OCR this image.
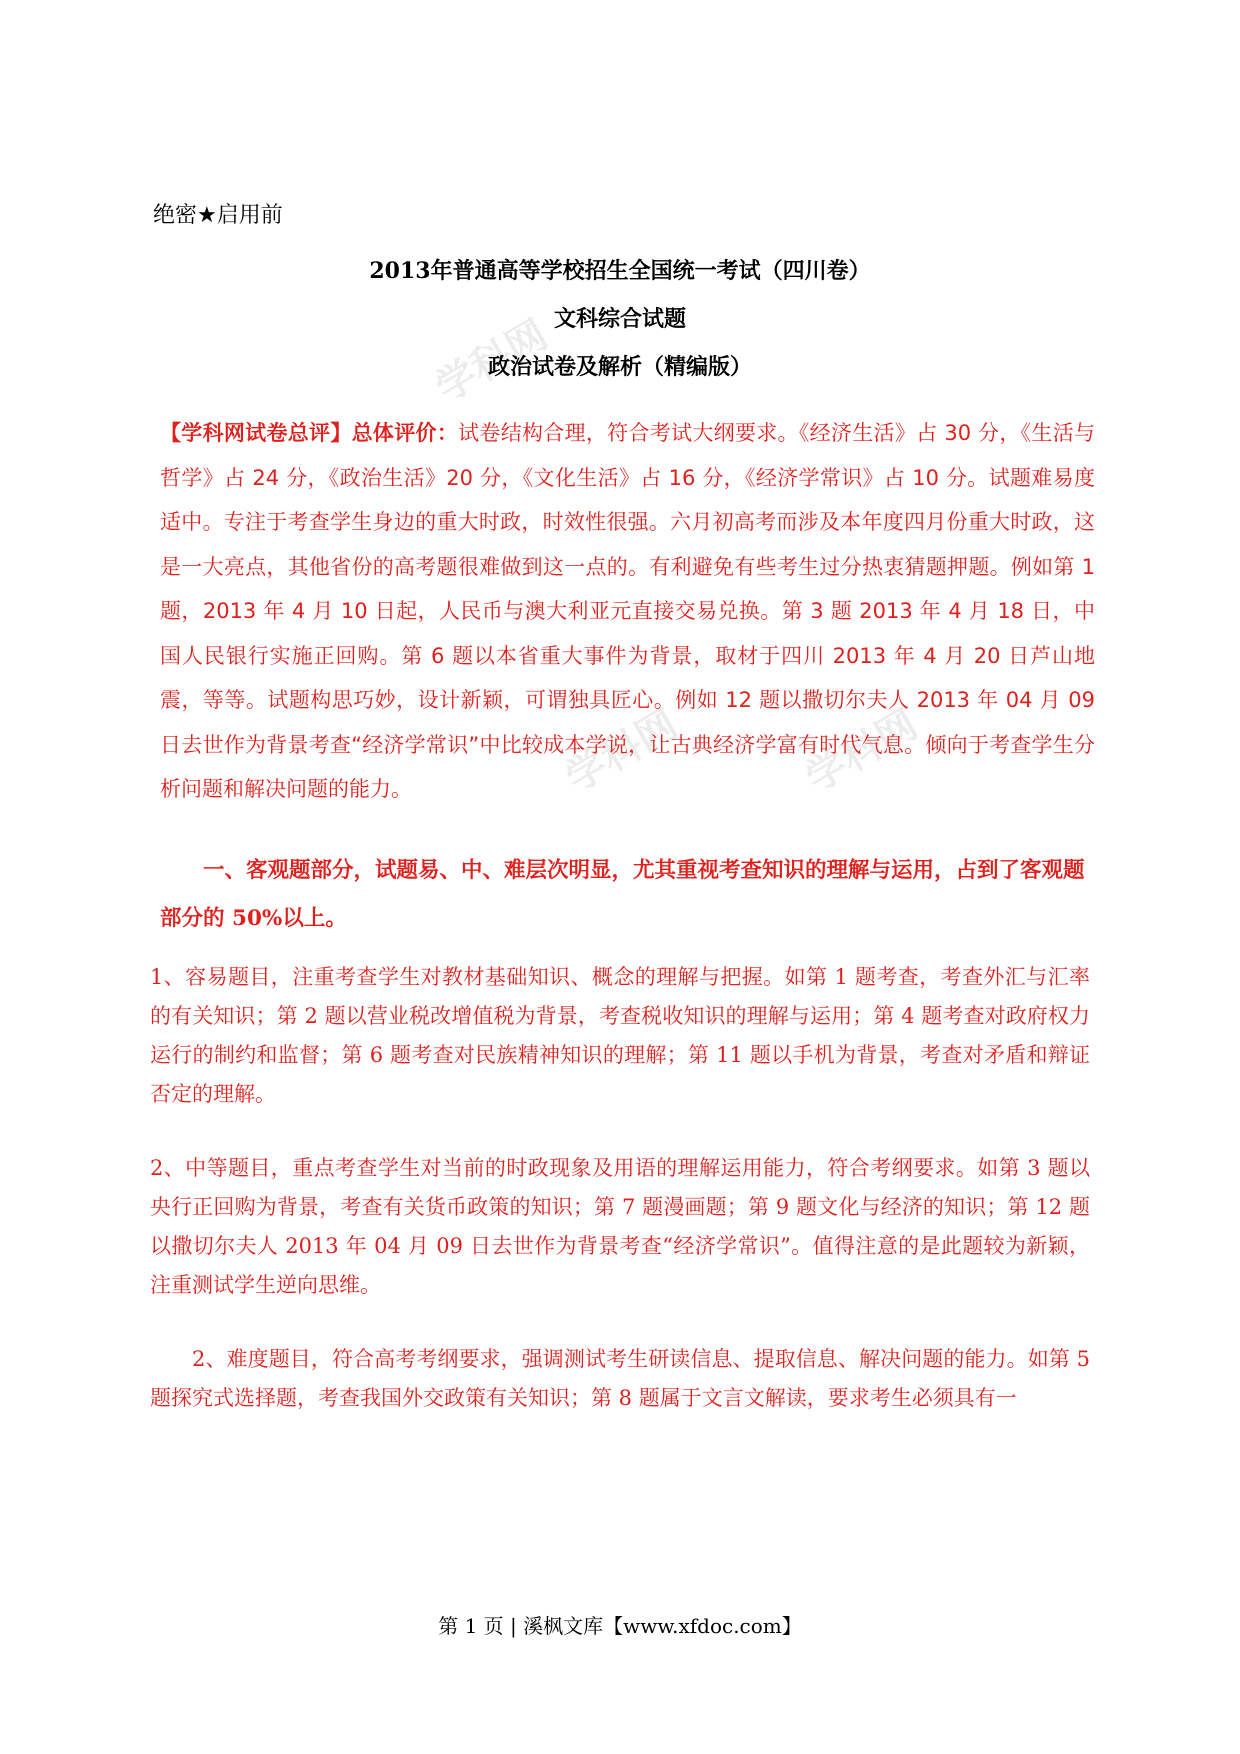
学科网
学科网	学科网
绝密★启用前
2013年普通高等学校招生全国统一考试（四川卷）
文科综合试题
政治试卷及解析（精编版）
【学科网试卷总评】总体评价：试卷结构合理，符合考试大纲要求。《经济生活》占 30 分，《生活与哲学》占 24 分，《政治生活》20 分，《文化生活》占 16 分，《经济学常识》占 10 分。试题难易度适中。专注于考查学生身边的重大时政，时效性很强。六月初高考而涉及本年度四月份重大时政，这是一大亮点，其他省份的高考题很难做到这一点的。有利避免有些考生过分热衷猜题押题。例如第 1 题，2013 年 4 月 10 日起，人民币与澳大利亚元直接交易兑换。第 3 题 2013 年 4 月 18 日，中国人民银行实施正回购。第 6 题以本省重大事件为背景，取材于四川 2013 年 4 月 20 日芦山地震，等等。试题构思巧妙，设计新颖，可谓独具匠心。例如 12 题以撒切尔夫人 2013 年 04 月 09 日去世作为背景考查“经济学常识”中比较成本学说，让古典经济学富有时代气息。倾向于考查学生分析问题和解决问题的能力。
一、客观题部分，试题易、中、难层次明显，尤其重视考查知识的理解与运用，占到了客观题部分的 50%以上。
1、容易题目，注重考查学生对教材基础知识、概念的理解与把握。如第 1 题考查，考查外汇与汇率的有关知识；第 2 题以营业税改增值税为背景，考查税收知识的理解与运用；第 4 题考查对政府权力运行的制约和监督；第 6 题考查对民族精神知识的理解；第 11 题以手机为背景，考查对矛盾和辩证否定的理解。
2、中等题目，重点考查学生对当前的时政现象及用语的理解运用能力，符合考纲要求。如第 3 题以央行正回购为背景，考查有关货币政策的知识；第 7 题漫画题；第 9 题文化与经济的知识；第 12 题以撒切尔夫人 2013 年 04 月 09 日去世作为背景考查“经济学常识”。值得注意的是此题较为新颖，注重测试学生逆向思维。
2、难度题目，符合高考考纲要求，强调测试考生研读信息、提取信息、解决问题的能力。如第 5 题探究式选择题，考查我国外交政策有关知识；第 8 题属于文言文解读，要求考生必须具有一
第 1 页 | 溪枫文库【www.xfdoc.com】
